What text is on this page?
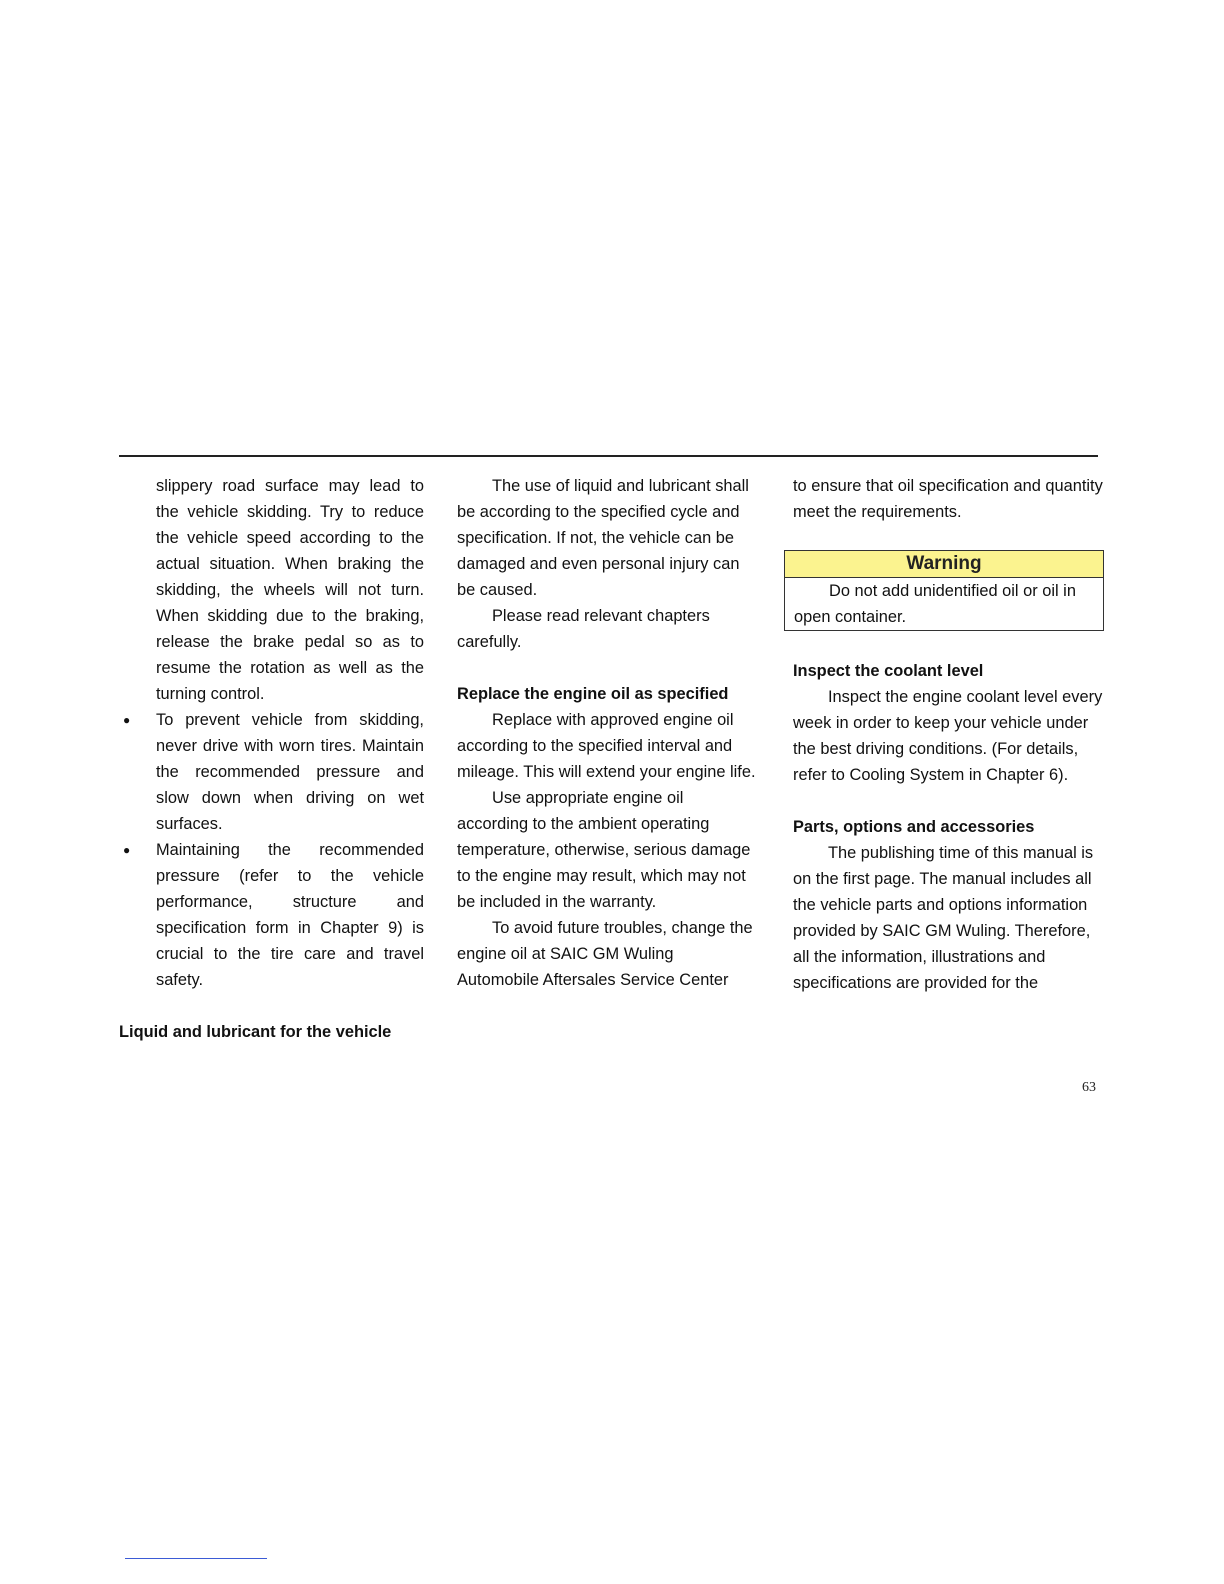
slippery road surface may lead to the vehicle skidding. Try to reduce the vehicle speed according to the actual situation. When braking the skidding, the wheels will not turn. When skidding due to the braking, release the brake pedal so as to resume the rotation as well as the turning control.

● To prevent vehicle from skidding, never drive with worn tires. Maintain the recommended pressure and slow down when driving on wet surfaces.

● Maintaining the recommended pressure (refer to the vehicle performance, structure and specification form in Chapter 9) is crucial to the tire care and travel safety.

Liquid and lubricant for the vehicle

The use of liquid and lubricant shall be according to the specified cycle and specification. If not, the vehicle can be damaged and even personal injury can be caused.

Please read relevant chapters carefully.

Replace the engine oil as specified

Replace with approved engine oil according to the specified interval and mileage. This will extend your engine life.

Use appropriate engine oil according to the ambient operating temperature, otherwise, serious damage to the engine may result, which may not be included in the warranty.

To avoid future troubles, change the engine oil at SAIC GM Wuling Automobile Aftersales Service Center

to ensure that oil specification and quantity meet the requirements.

Warning
Do not add unidentified oil or oil in open container.

Inspect the coolant level

Inspect the engine coolant level every week in order to keep your vehicle under the best driving conditions. (For details, refer to Cooling System in Chapter 6).

Parts, options and accessories

The publishing time of this manual is on the first page. The manual includes all the vehicle parts and options information provided by SAIC GM Wuling. Therefore, all the information, illustrations and specifications are provided for the

63
